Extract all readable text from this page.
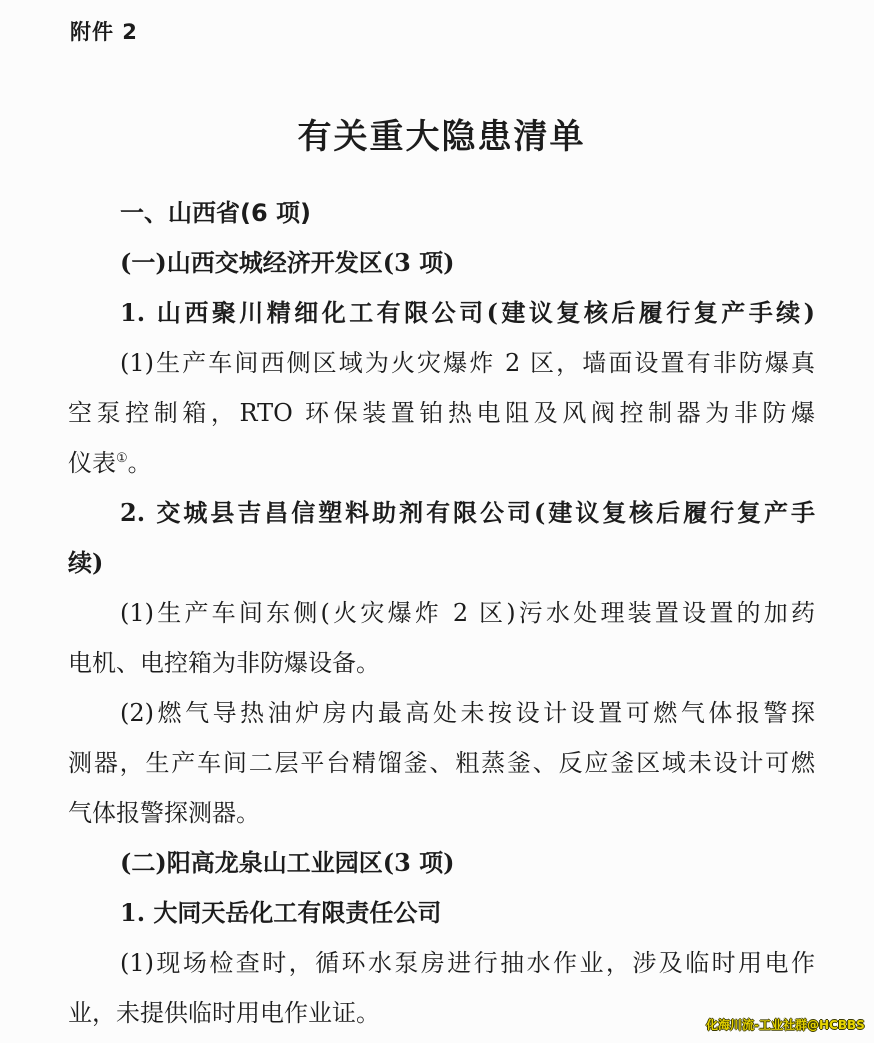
附件 2
有关重大隐患清单
一、山西省(6 项)
(一)山西交城经济开发区(3 项)
1. 山西聚川精细化工有限公司(建议复核后履行复产手续)
(1)生产车间西侧区域为火灾爆炸 2 区，墙面设置有非防爆真
空泵控制箱，RTO 环保装置铂热电阻及风阀控制器为非防爆
仪表①。
2. 交城县吉昌信塑料助剂有限公司(建议复核后履行复产手
续)
(1)生产车间东侧(火灾爆炸 2 区)污水处理装置设置的加药
电机、电控箱为非防爆设备。
(2)燃气导热油炉房内最高处未按设计设置可燃气体报警探
测器，生产车间二层平台精馏釜、粗蒸釜、反应釜区域未设计可燃
气体报警探测器。
(二)阳高龙泉山工业园区(3 项)
1. 大同天岳化工有限责任公司
(1)现场检查时，循环水泵房进行抽水作业，涉及临时用电作
业，未提供临时用电作业证。	化海川流-工业社群@HCBBS
